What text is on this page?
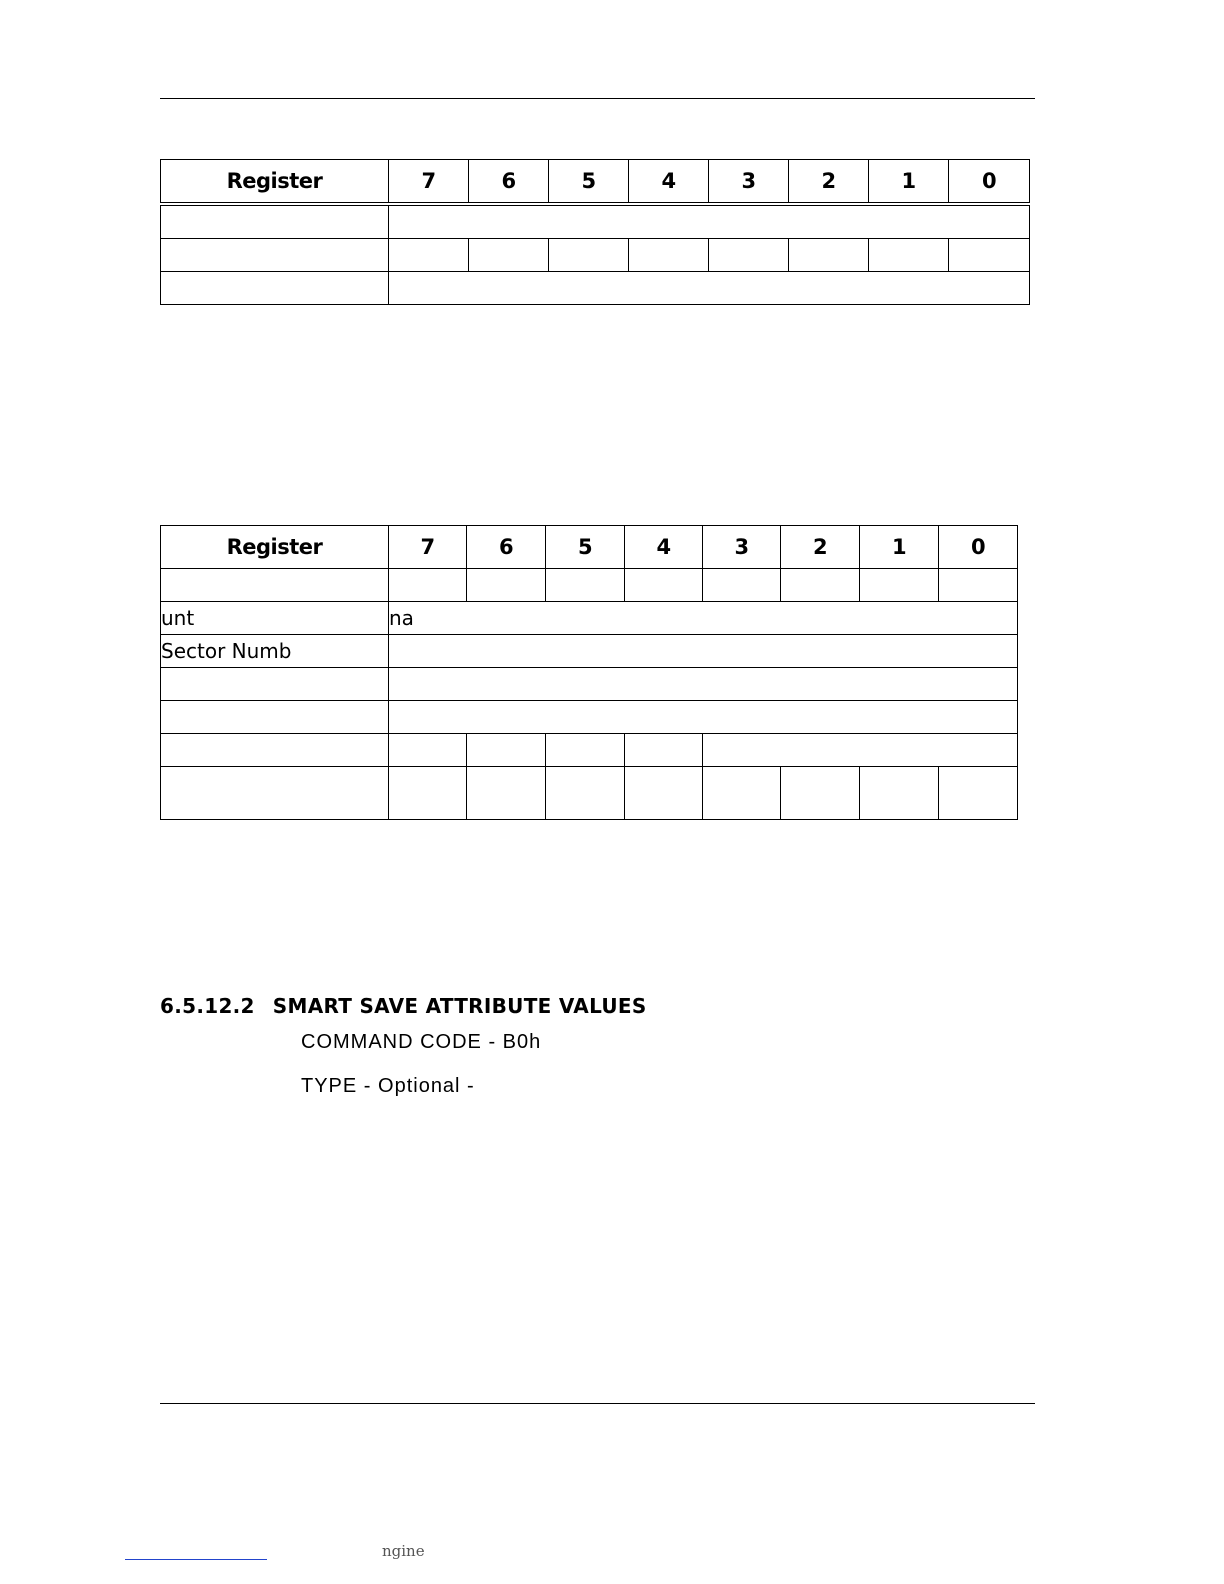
Register	7	6	5	4	3	2	1	0

Register	7	6	5	4	3	2	1	0

unt	na							
Sector Numb								

6.5.12.2 SMART SAVE ATTRIBUTE VALUES
COMMAND CODE - B0h
TYPE - Optional -
ngine
